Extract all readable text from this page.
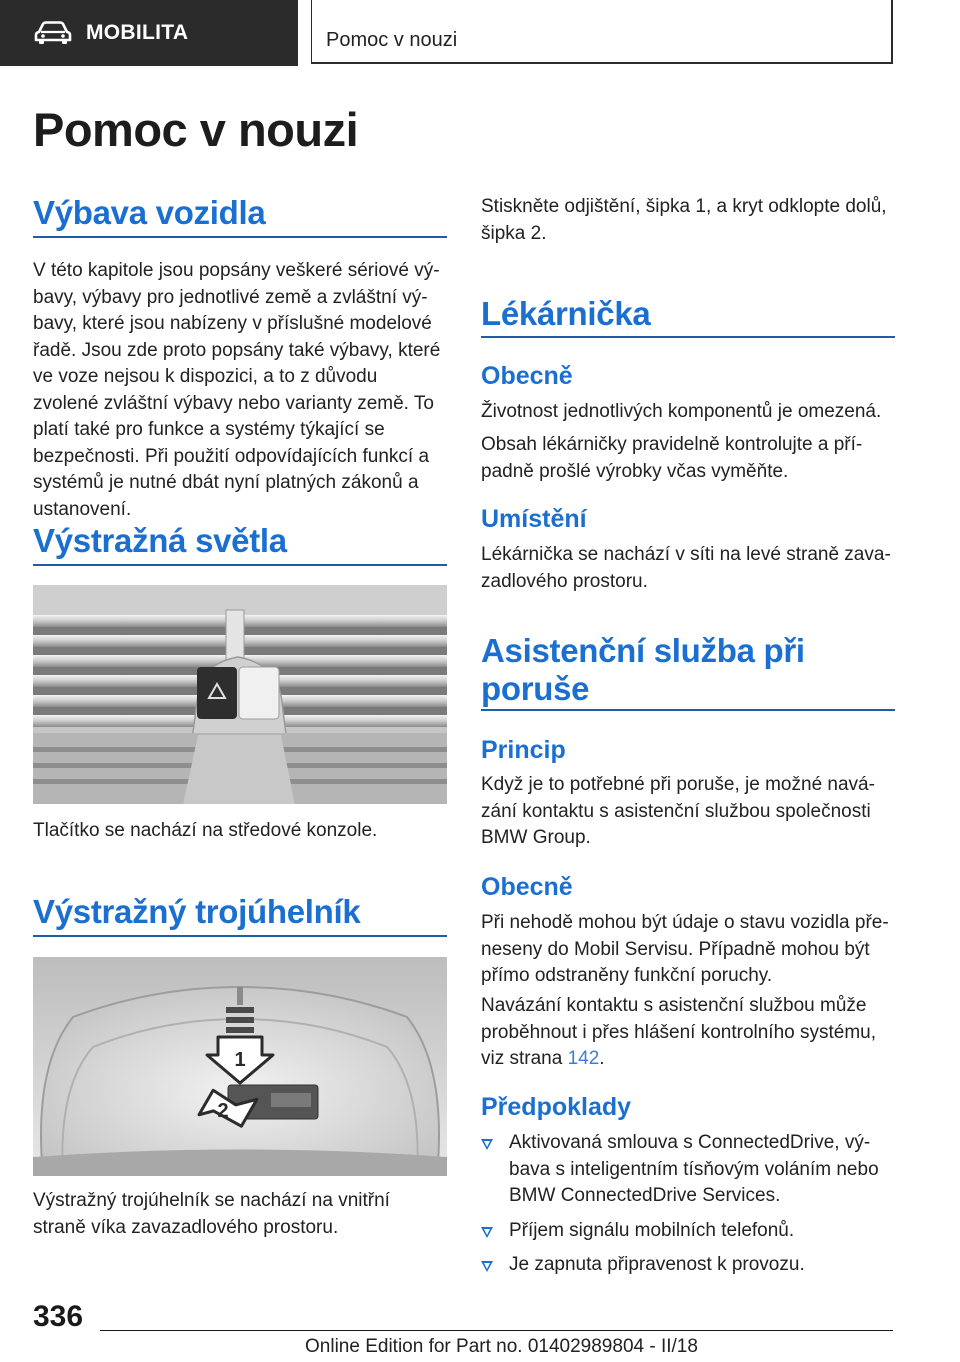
MOBILITA	Pomoc v nouzi
Pomoc v nouzi
Výbava vozidla

V této kapitole jsou popsány veškeré sériové výbavy, výbavy pro jednotlivé země a zvláštní výbavy, které jsou nabízeny v příslušné modelové řadě. Jsou zde proto popsány také výbavy, které ve voze nejsou k dispozici, a to z důvodu zvolené zvláštní výbavy nebo varianty země. To platí také pro funkce a systémy týkající se bezpečnosti. Při použití odpovídajících funkcí a systémů je nutné dbát nyní platných zákonů a ustanovení.

Výstražná světla

Tlačítko se nachází na středové konzole.

Výstražný trojúhelník
1
2

Výstražný trojúhelník se nachází na vnitřní straně víka zavazadlového prostoru.

Stiskněte odjištění, šipka 1, a kryt odklopte dolů, šipka 2.

Lékárnička
Obecně

Životnost jednotlivých komponentů je omezená.

Obsah lékárničky pravidelně kontrolujte a případně prošlé výrobky včas vyměňte.

Umístění

Lékárnička se nachází v síti na levé straně zavazadlového prostoru.

Asistenční služba při poruše
Princip

Když je to potřebné při poruše, je možné navázání kontaktu s asistenční službou společnosti BMW Group.

Obecně

Při nehodě mohou být údaje o stavu vozidla přeneseny do Mobil Servisu. Případně mohou být přímo odstraněny funkční poruchy.

Navázání kontaktu s asistenční službou může proběhnout i přes hlášení kontrolního systému, viz strana 142.

Předpoklady
Aktivovaná smlouva s ConnectedDrive, výbava s inteligentním tísňovým voláním nebo BMW ConnectedDrive Services.
Příjem signálu mobilních telefonů.
Je zapnuta připravenost k provozu.
336
Online Edition for Part no. 01402989804 - II/18
